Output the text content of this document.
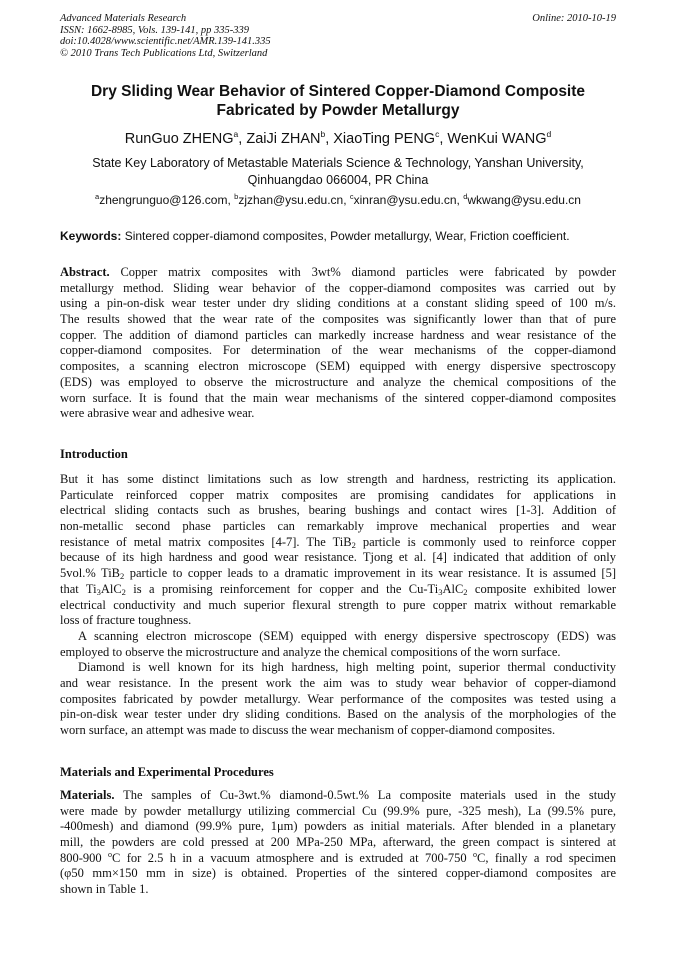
Advanced Materials Research
ISSN: 1662-8985, Vols. 139-141, pp 335-339
doi:10.4028/www.scientific.net/AMR.139-141.335
© 2010 Trans Tech Publications Ltd, Switzerland
Online: 2010-10-19
Dry Sliding Wear Behavior of Sintered Copper-Diamond Composite
Fabricated by Powder Metallurgy
RunGuo ZHENG$^a$, ZaiJi ZHAN$^b$, XiaoTing PENG$^c$, WenKui WANG$^d$
State Key Laboratory of Metastable Materials Science & Technology, Yanshan University,
Qinhuangdao 066004, PR China
$^a$zhengrunguo@126.com, $^b$zjzhan@ysu.edu.cn, $^c$xinran@ysu.edu.cn, $^d$wkwang@ysu.edu.cn
Keywords: Sintered copper-diamond composites, Powder metallurgy, Wear, Friction coefficient.
Abstract. Copper matrix composites with 3wt% diamond particles were fabricated by powder
metallurgy method. Sliding wear behavior of the copper-diamond composites was carried out by
using a pin-on-disk wear tester under dry sliding conditions at a constant sliding speed of 100 m/s.
The results showed that the wear rate of the composites was significantly lower than that of pure
copper. The addition of diamond particles can markedly increase hardness and wear resistance of the
copper-diamond composites. For determination of the wear mechanisms of the copper-diamond
composites, a scanning electron microscope (SEM) equipped with energy dispersive spectroscopy
(EDS) was employed to observe the microstructure and analyze the chemical compositions of the
worn surface. It is found that the main wear mechanisms of the sintered copper-diamond composites
were abrasive wear and adhesive wear.
Introduction
But it has some distinct limitations such as low strength and hardness, restricting its application.
Particulate reinforced copper matrix composites are promising candidates for applications in
electrical sliding contacts such as brushes, bearing bushings and contact wires [1-3]. Addition of
non-metallic second phase particles can remarkably improve mechanical properties and wear
resistance of metal matrix composites [4-7]. The TiB$_2$ particle is commonly used to reinforce copper
because of its high hardness and good wear resistance. Tjong et al. [4] indicated that addition of only
5vol.% TiB$_2$ particle to copper leads to a dramatic improvement in its wear resistance. It is assumed [5]
that $Ti_3AlC_2$ is a promising reinforcement for copper and the $Cu-Ti_3AlC_2$ composite exhibited lower
electrical conductivity and much superior flexural strength to pure copper matrix without remarkable
loss of fracture toughness.
A scanning electron microscope (SEM) equipped with energy dispersive spectroscopy (EDS) was
employed to observe the microstructure and analyze the chemical compositions of the worn surface.
Diamond is well known for its high hardness, high melting point, superior thermal conductivity
and wear resistance. In the present work the aim was to study wear behavior of copper-diamond
composites fabricated by powder metallurgy. Wear performance of the composites was tested using a
pin-on-disk wear tester under dry sliding conditions. Based on the analysis of the morphologies of the
worn surface, an attempt was made to discuss the wear mechanism of copper-diamond composites.
Materials and Experimental Procedures
Materials. The samples of Cu-3wt.% diamond-0.5wt.% La composite materials used in the study
were made by powder metallurgy utilizing commercial Cu (99.9% pure, -325 mesh), La (99.5% pure,
-400mesh) and diamond (99.9% pure, 1μm) powders as initial materials. After blended in a planetary
mill, the powders are cold pressed at 200 MPa-250 MPa, afterward, the green compact is sintered at
800-900 $^o$C for 2.5 h in a vacuum atmosphere and is extruded at 700-750 $^o$C, finally a rod specimen
(φ50 mm×150 mm in size) is obtained. Properties of the sintered copper-diamond composites are
shown in Table 1.
